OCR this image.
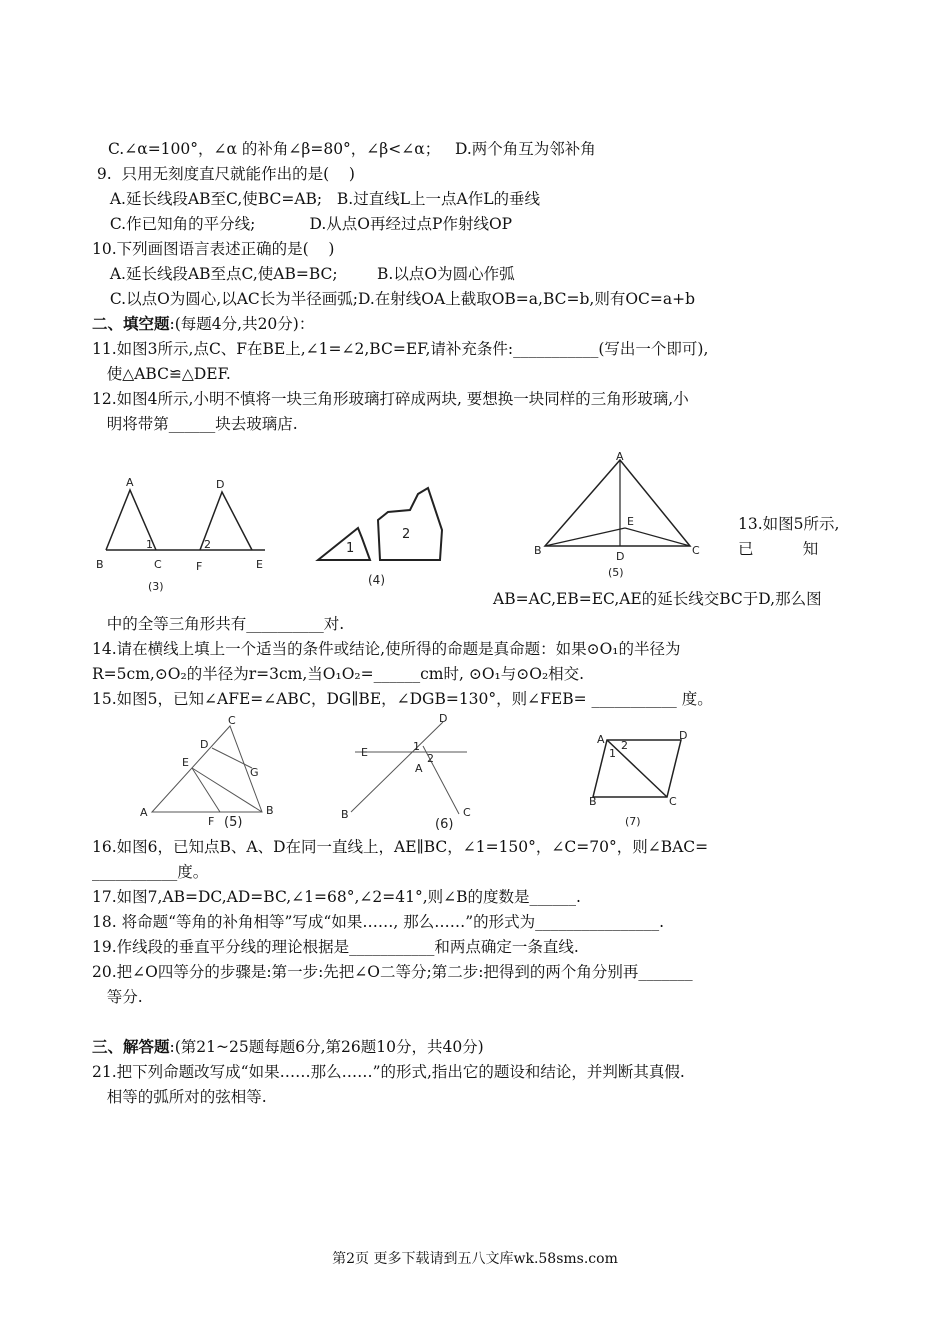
C.∠α=100°，∠α 的补角∠β=80°，∠β<∠α；   D.两个角互为邻补角
9.  只用无刻度直尺就能作出的是(    )
A.延长线段AB至C,使BC=AB;   B.过直线L上一点A作L的垂线
C.作已知角的平分线;           D.从点O再经过点P作射线OP
10.下列画图语言表述正确的是(    )
A.延长线段AB至点C,使AB=BC;        B.以点O为圆心作弧
C.以点O为圆心,以AC长为半径画弧;D.在射线OA上截取OB=a,BC=b,则有OC=a+b
二、填空题:(每题4分,共20分)：
11.如图3所示,点C、F在BE上,∠1=∠2,BC=EF,请补充条件:___________(写出一个即可),
使△ABC≌△DEF.
12.如图4所示,小明不慎将一块三角形玻璃打碎成两块, 要想换一块同样的三角形玻璃,小
明将带第______块去玻璃店.
A
B	C
D
E
F
1	2
(3)
1
2
(4)
A
B	C
D
E
(5)
13.如图5所示,
已          知
AB=AC,EB=EC,AE的延长线交BC于D,那么图
中的全等三角形共有__________对.
14.请在横线上填上一个适当的条件或结论,使所得的命题是真命题：如果⊙O₁的半径为
R=5cm,⊙O₂的半径为r=3cm,当O₁O₂=______cm时, ⊙O₁与⊙O₂相交.
15.如图5，已知∠AFE=∠ABC，DG∥BE，∠DGB=130°，则∠FEB= ___________ 度。
C
D
E
G
A
F
B
(5)
D
E	1
2
A
B	C
(6)
A	D
B	C
2
1
(7)
16.如图6，已知点B、A、D在同一直线上，AE∥BC，∠1=150°，∠C=70°，则∠BAC=
___________度。
17.如图7,AB=DC,AD=BC,∠1=68°,∠2=41°,则∠B的度数是______.
18. 将命题“等角的补角相等”写成“如果……, 那么……”的形式为________________.
19.作线段的垂直平分线的理论根据是___________和两点确定一条直线.
20.把∠O四等分的步骤是:第一步:先把∠O二等分;第二步:把得到的两个角分别再_______
等分.
三、解答题:(第21~25题每题6分,第26题10分，共40分)
21.把下列命题改写成“如果……那么……”的形式,指出它的题设和结论，并判断其真假.
相等的弧所对的弦相等.
第2页 更多下载请到五八文库wk.58sms.com
